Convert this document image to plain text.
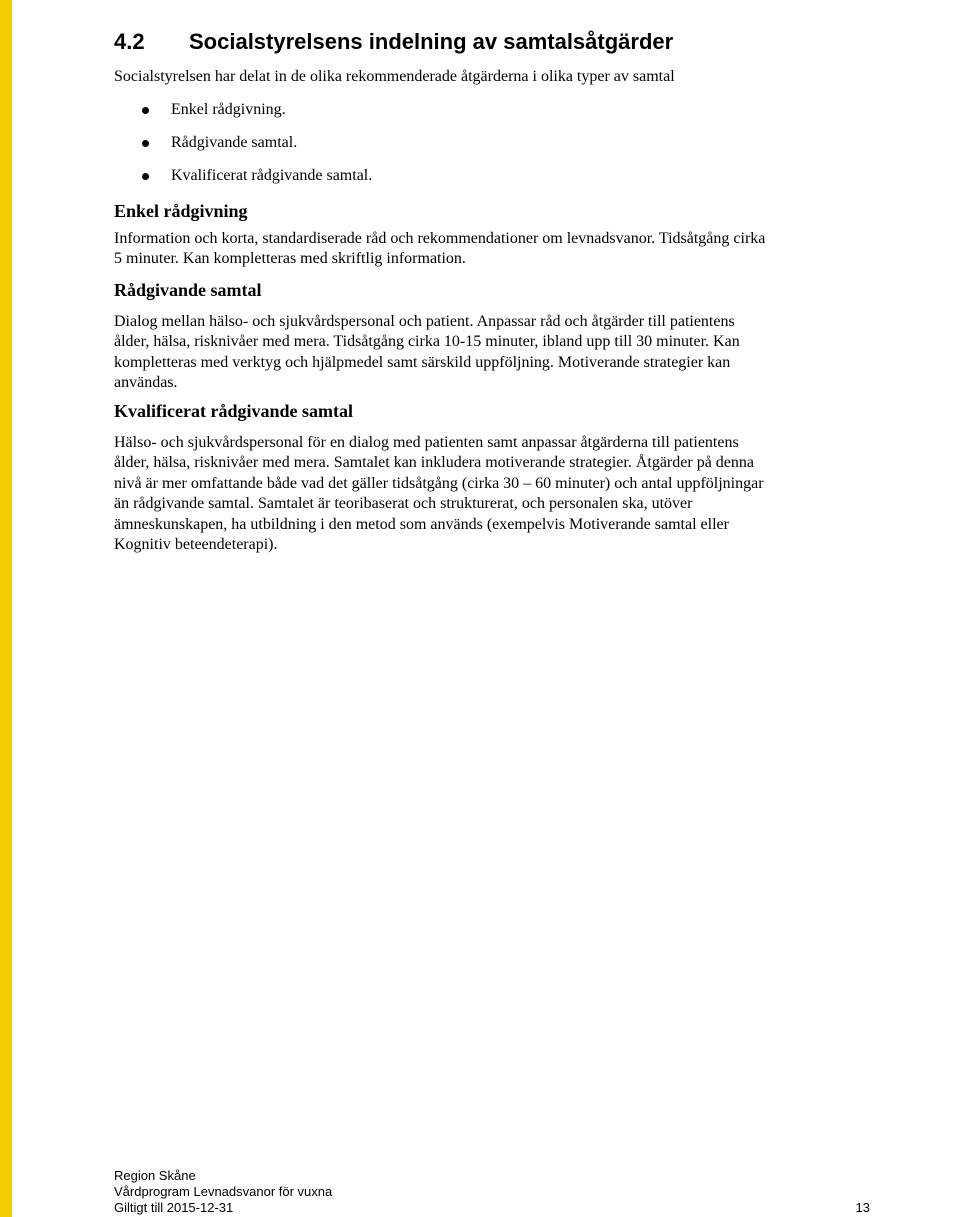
4.2 Socialstyrelsens indelning av samtalsåtgärder

Socialstyrelsen har delat in de olika rekommenderade åtgärderna i olika typer av samtal

Enkel rådgivning.
Rådgivande samtal.
Kvalificerat rådgivande samtal.
Enkel rådgivning

Information och korta, standardiserade råd och rekommendationer om levnadsvanor. Tidsåtgång cirka
5 minuter. Kan kompletteras med skriftlig information.

Rådgivande samtal

Dialog mellan hälso- och sjukvårdspersonal och patient. Anpassar råd och åtgärder till patientens
ålder, hälsa, risknivåer med mera. Tidsåtgång cirka 10-15 minuter, ibland upp till 30 minuter. Kan
kompletteras med verktyg och hjälpmedel samt särskild uppföljning. Motiverande strategier kan
användas.

Kvalificerat rådgivande samtal

Hälso- och sjukvårdspersonal för en dialog med patienten samt anpassar åtgärderna till patientens
ålder, hälsa, risknivåer med mera. Samtalet kan inkludera motiverande strategier. Åtgärder på denna
nivå är mer omfattande både vad det gäller tidsåtgång (cirka 30 – 60 minuter) och antal uppföljningar
än rådgivande samtal. Samtalet är teoribaserat och strukturerat, och personalen ska, utöver
ämneskunskapen, ha utbildning i den metod som används (exempelvis Motiverande samtal eller
Kognitiv beteendeterapi).

Region Skåne
Vårdprogram Levnadsvanor för vuxna
Giltigt till 2015-12-31	13
